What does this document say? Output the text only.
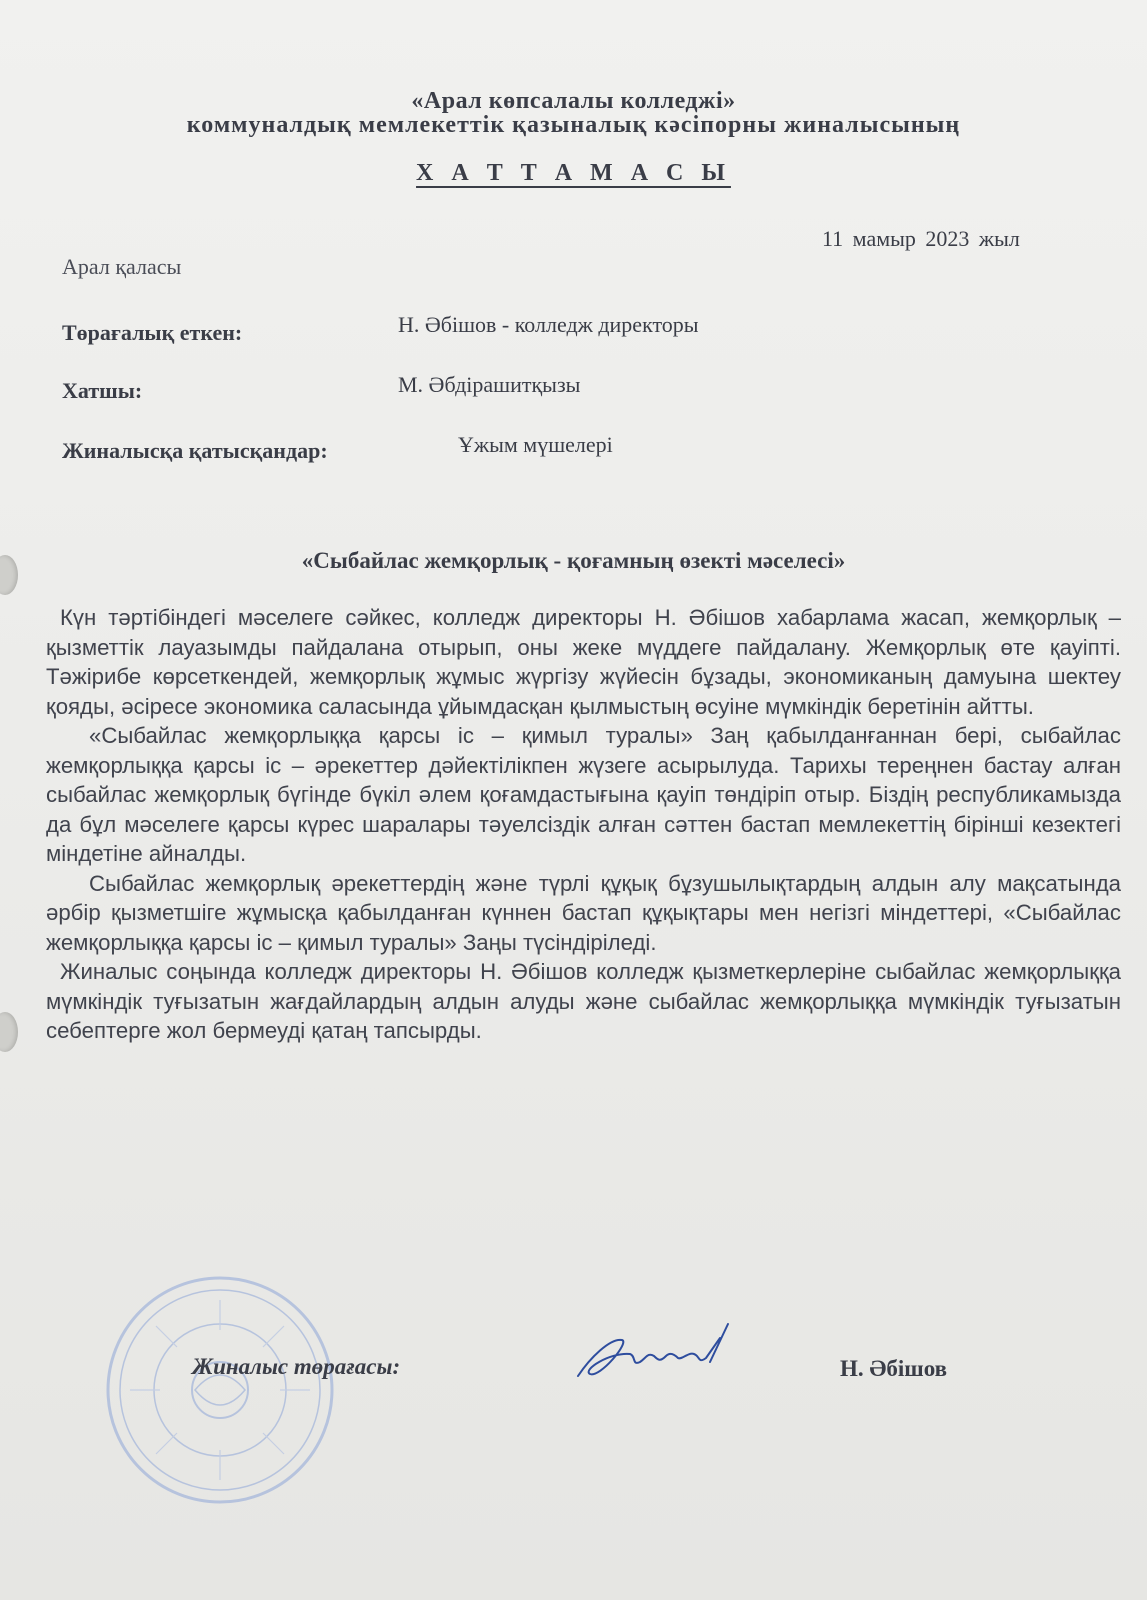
«Арал көпсалалы колледжі»
коммуналдық мемлекеттік қазыналық кәсіпорны жиналысының
Х А Т Т А М А С Ы
Арал қаласы
11 мамыр 2023 жыл
Төрағалық еткен:	Н. Әбішов - колледж директоры
Хатшы:	М. Әбдірашитқызы
Жиналысқа қатысқандар:	Ұжым мүшелері
«Сыбайлас жемқорлық - қоғамның өзекті мәселесі»

Күн тәртібіндегі мәселеге сәйкес, колледж директоры Н. Әбішов хабарлама жасап, жемқорлық – қызметтік лауазымды пайдалана отырып, оны жеке мүддеге пайдалану. Жемқорлық өте қауіпті. Тәжірибе көрсеткендей, жемқорлық жұмыс жүргізу жүйесін бұзады, экономиканың дамуына шектеу қояды, әсіресе экономика саласында ұйымдасқан қылмыстың өсуіне мүмкіндік беретінін айтты.

«Сыбайлас жемқорлыққа қарсы іс – қимыл туралы» Заң қабылданғаннан бері, сыбайлас жемқорлыққа қарсы іс – әрекеттер дәйектілікпен жүзеге асырылуда. Тарихы тереңнен бастау алған сыбайлас жемқорлық бүгінде бүкіл әлем қоғамдастығына қауіп төндіріп отыр. Біздің республикамызда да бұл мәселеге қарсы күрес шаралары тәуелсіздік алған сәттен бастап мемлекеттің бірінші кезектегі міндетіне айналды.

Сыбайлас жемқорлық әрекеттердің және түрлі құқық бұзушылықтардың алдын алу мақсатында әрбір қызметшіге жұмысқа қабылданған күннен бастап құқықтары мен негізгі міндеттері, «Сыбайлас жемқорлыққа қарсы іс – қимыл туралы» Заңы түсіндіріледі.

Жиналыс соңында колледж директоры Н. Әбішов колледж қызметкерлеріне сыбайлас жемқорлыққа мүмкіндік туғызатын жағдайлардың алдын алуды және сыбайлас жемқорлыққа мүмкіндік туғызатын себептерге жол бермеуді қатаң тапсырды.

Жиналыс төрағасы:	Н. Әбішов
